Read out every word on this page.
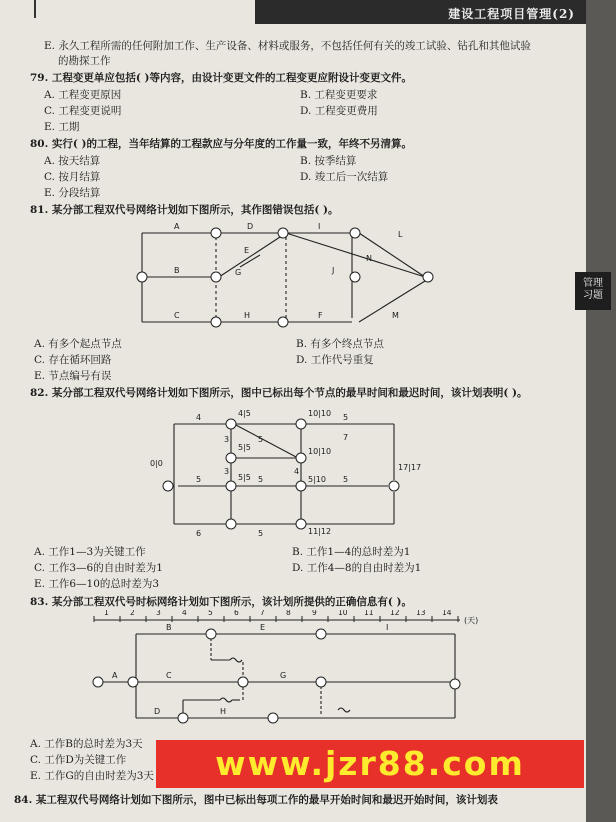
建设工程项目管理(2)
管理
习题
E. 永久工程所需的任何附加工作、生产设备、材料或服务，不包括任何有关的竣工试验、钻孔和其他试验
的勘探工作
79. 工程变更单应包括( )等内容，由设计变更文件的工程变更应附设计变更文件。
A. 工程变更原因	B. 工程变更要求
C. 工程变更说明	D. 工程变更费用
E. 工期
80. 实行( )的工程，当年结算的工程款应与分年度的工作量一致，年终不另清算。
A. 按天结算	B. 按季结算
C. 按月结算	D. 竣工后一次结算
E. 分段结算
81. 某分部工程双代号网络计划如下图所示，其作图错误包括( )。
A
B
C
D
E
G
H
I
J
N
F
L
M
A. 有多个起点节点	B. 有多个终点节点
C. 存在循环回路	D. 工作代号重复
E. 节点编号有误
82. 某分部工程双代号网络计划如下图所示，图中已标出每个节点的最早时间和最迟时间，该计划表明( )。
0|0
4|5	10|10
5|5	10|10
5|5	5|10
17|17
11|12
4
3	5
5
5
3
7
5
4
5
6	5
A. 工作1—3为关键工作	B. 工作1—4的总时差为1
C. 工作3—6的自由时差为1	D. 工作4—8的自由时差为1
E. 工作6—10的总时差为3
83. 某分部工程双代号时标网络计划如下图所示，该计划所提供的正确信息有( )。
1	2	3	4	5	6	7	8	9	10 11 12 13 14
(天)
A
B
C
D
E
G
I
H
A. 工作B的总时差为3天
C. 工作D为关键工作
E. 工作G的自由时差为3天
84. 某工程双代号网络计划如下图所示，图中已标出每项工作的最早开始时间和最迟开始时间，该计划表
www.jzr88.com
